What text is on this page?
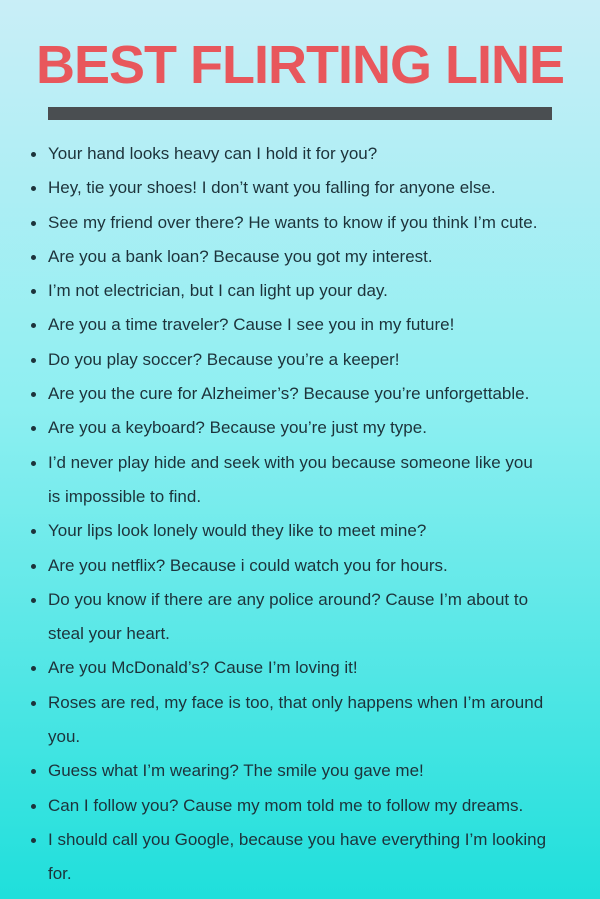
BEST FLIRTING LINE
Your hand looks heavy can I hold it for you?
Hey, tie your shoes! I don’t want you falling for anyone else.
See my friend over there? He wants to know if you think I’m cute.
Are you a bank loan? Because you got my interest.
I’m not electrician, but I can light up your day.
Are you a time traveler? Cause I see you in my future!
Do you play soccer? Because you’re a keeper!
Are you the cure for Alzheimer’s? Because you’re unforgettable.
Are you a keyboard? Because you’re just my type.
I’d never play hide and seek with you because someone like you
is impossible to find.
Your lips look lonely would they like to meet mine?
Are you netflix? Because i could watch you for hours.
Do you know if there are any police around? Cause I’m about to
steal your heart.
Are you McDonald’s? Cause I’m loving it!
Roses are red, my face is too, that only happens when I’m around
you.
Guess what I’m wearing? The smile you gave me!
Can I follow you? Cause my mom told me to follow my dreams.
I should call you Google, because you have everything I’m looking
for.
